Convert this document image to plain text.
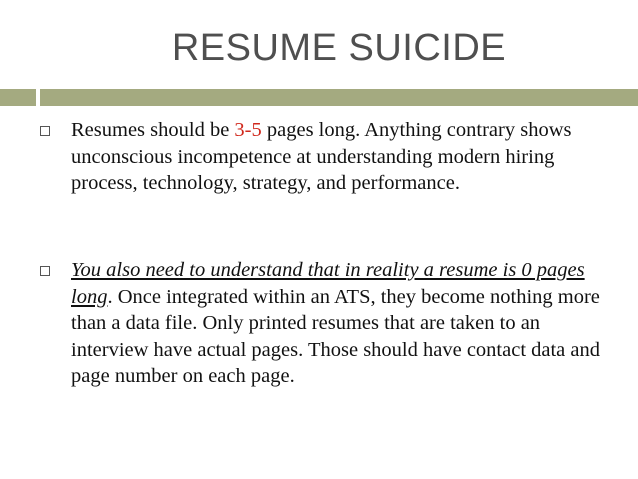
RESUME SUICIDE
Resumes should be 3-5 pages long. Anything contrary shows unconscious incompetence at understanding modern hiring process, technology, strategy, and performance.
You also need to understand that in reality a resume is 0 pages long. Once integrated within an ATS, they become nothing more than a data file. Only printed resumes that are taken to an interview have actual pages. Those should have contact data and page number on each page.
